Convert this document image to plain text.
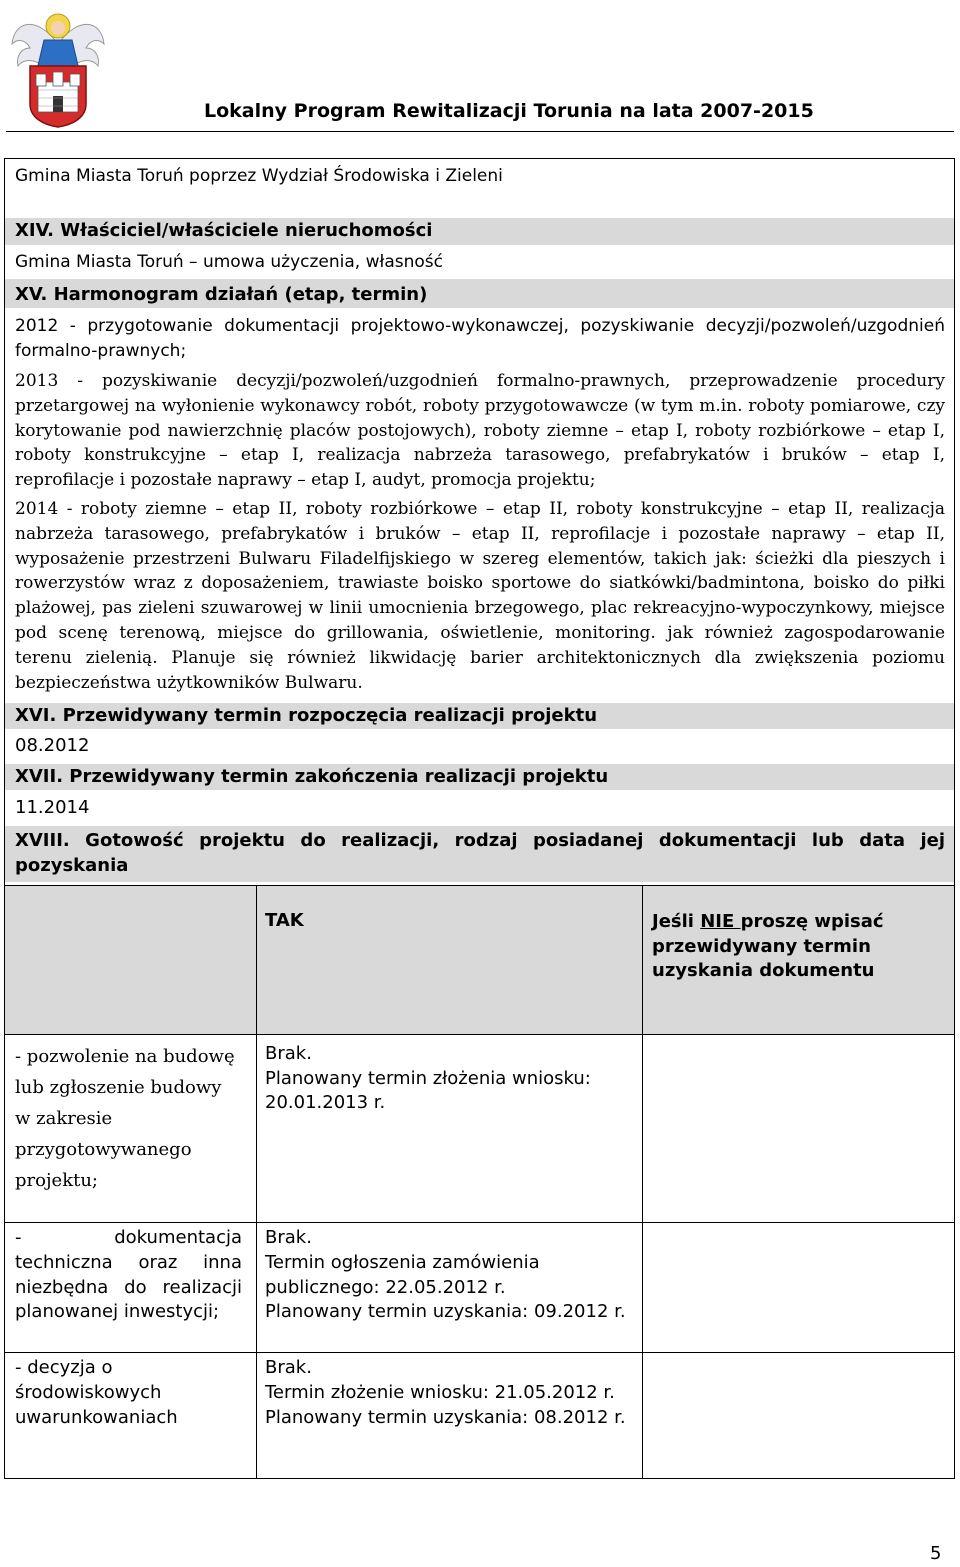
Lokalny Program Rewitalizacji Torunia na lata 2007-2015
Gmina Miasta Toruń poprzez Wydział Środowiska i Zieleni
XIV. Właściciel/właściciele nieruchomości
Gmina Miasta Toruń – umowa użyczenia, własność
XV. Harmonogram działań (etap, termin)
2012 - przygotowanie dokumentacji projektowo-wykonawczej, pozyskiwanie decyzji/pozwoleń/uzgodnień formalno-prawnych;
2013 - pozyskiwanie decyzji/pozwoleń/uzgodnień formalno-prawnych, przeprowadzenie procedury przetargowej na wyłonienie wykonawcy robót, roboty przygotowawcze (w tym m.in. roboty pomiarowe, czy korytowanie pod nawierzchnię placów postojowych), roboty ziemne – etap I, roboty rozbiórkowe – etap I, roboty konstrukcyjne – etap I, realizacja nabrzeża tarasowego, prefabrykatów i bruków – etap I, reprofilacje i pozostałe naprawy – etap I, audyt, promocja projektu;
2014 - roboty ziemne – etap II, roboty rozbiórkowe – etap II, roboty konstrukcyjne – etap II, realizacja nabrzeża tarasowego, prefabrykatów i bruków – etap II, reprofilacje i pozostałe naprawy – etap II, wyposażenie przestrzeni Bulwaru Filadelfijskiego w szereg elementów, takich jak: ścieżki dla pieszych i rowerzystów wraz z doposażeniem, trawiaste boisko sportowe do siatkówki/badmintona, boisko do piłki plażowej, pas zieleni szuwarowej w linii umocnienia brzegowego, plac rekreacyjno-wypoczynkowy, miejsce pod scenę terenową, miejsce do grillowania, oświetlenie, monitoring. jak również zagospodarowanie terenu zielenią. Planuje się również likwidację barier architektonicznych dla zwiększenia poziomu bezpieczeństwa użytkowników Bulwaru.
XVI. Przewidywany termin rozpoczęcia realizacji projektu
08.2012
XVII. Przewidywany termin zakończenia realizacji projektu
11.2014
XVIII. Gotowość projektu do realizacji, rodzaj posiadanej dokumentacji lub data jej pozyskania
TAK	Jeśli NIE proszę wpisać przewidywany termin uzyskania dokumentu
- pozwolenie na budowę
lub zgłoszenie budowy
w zakresie
przygotowywanego
projektu;
Brak.
Planowany termin złożenia wniosku:
20.01.2013 r.
- dokumentacja techniczna oraz inna niezbędna do realizacji planowanej inwestycji;
Brak.
Termin ogłoszenia zamówienia
publicznego: 22.05.2012 r.
Planowany termin uzyskania: 09.2012 r.
- decyzja o
środowiskowych
uwarunkowaniach
Brak.
Termin złożenie wniosku: 21.05.2012 r.
Planowany termin uzyskania: 08.2012 r.
5
